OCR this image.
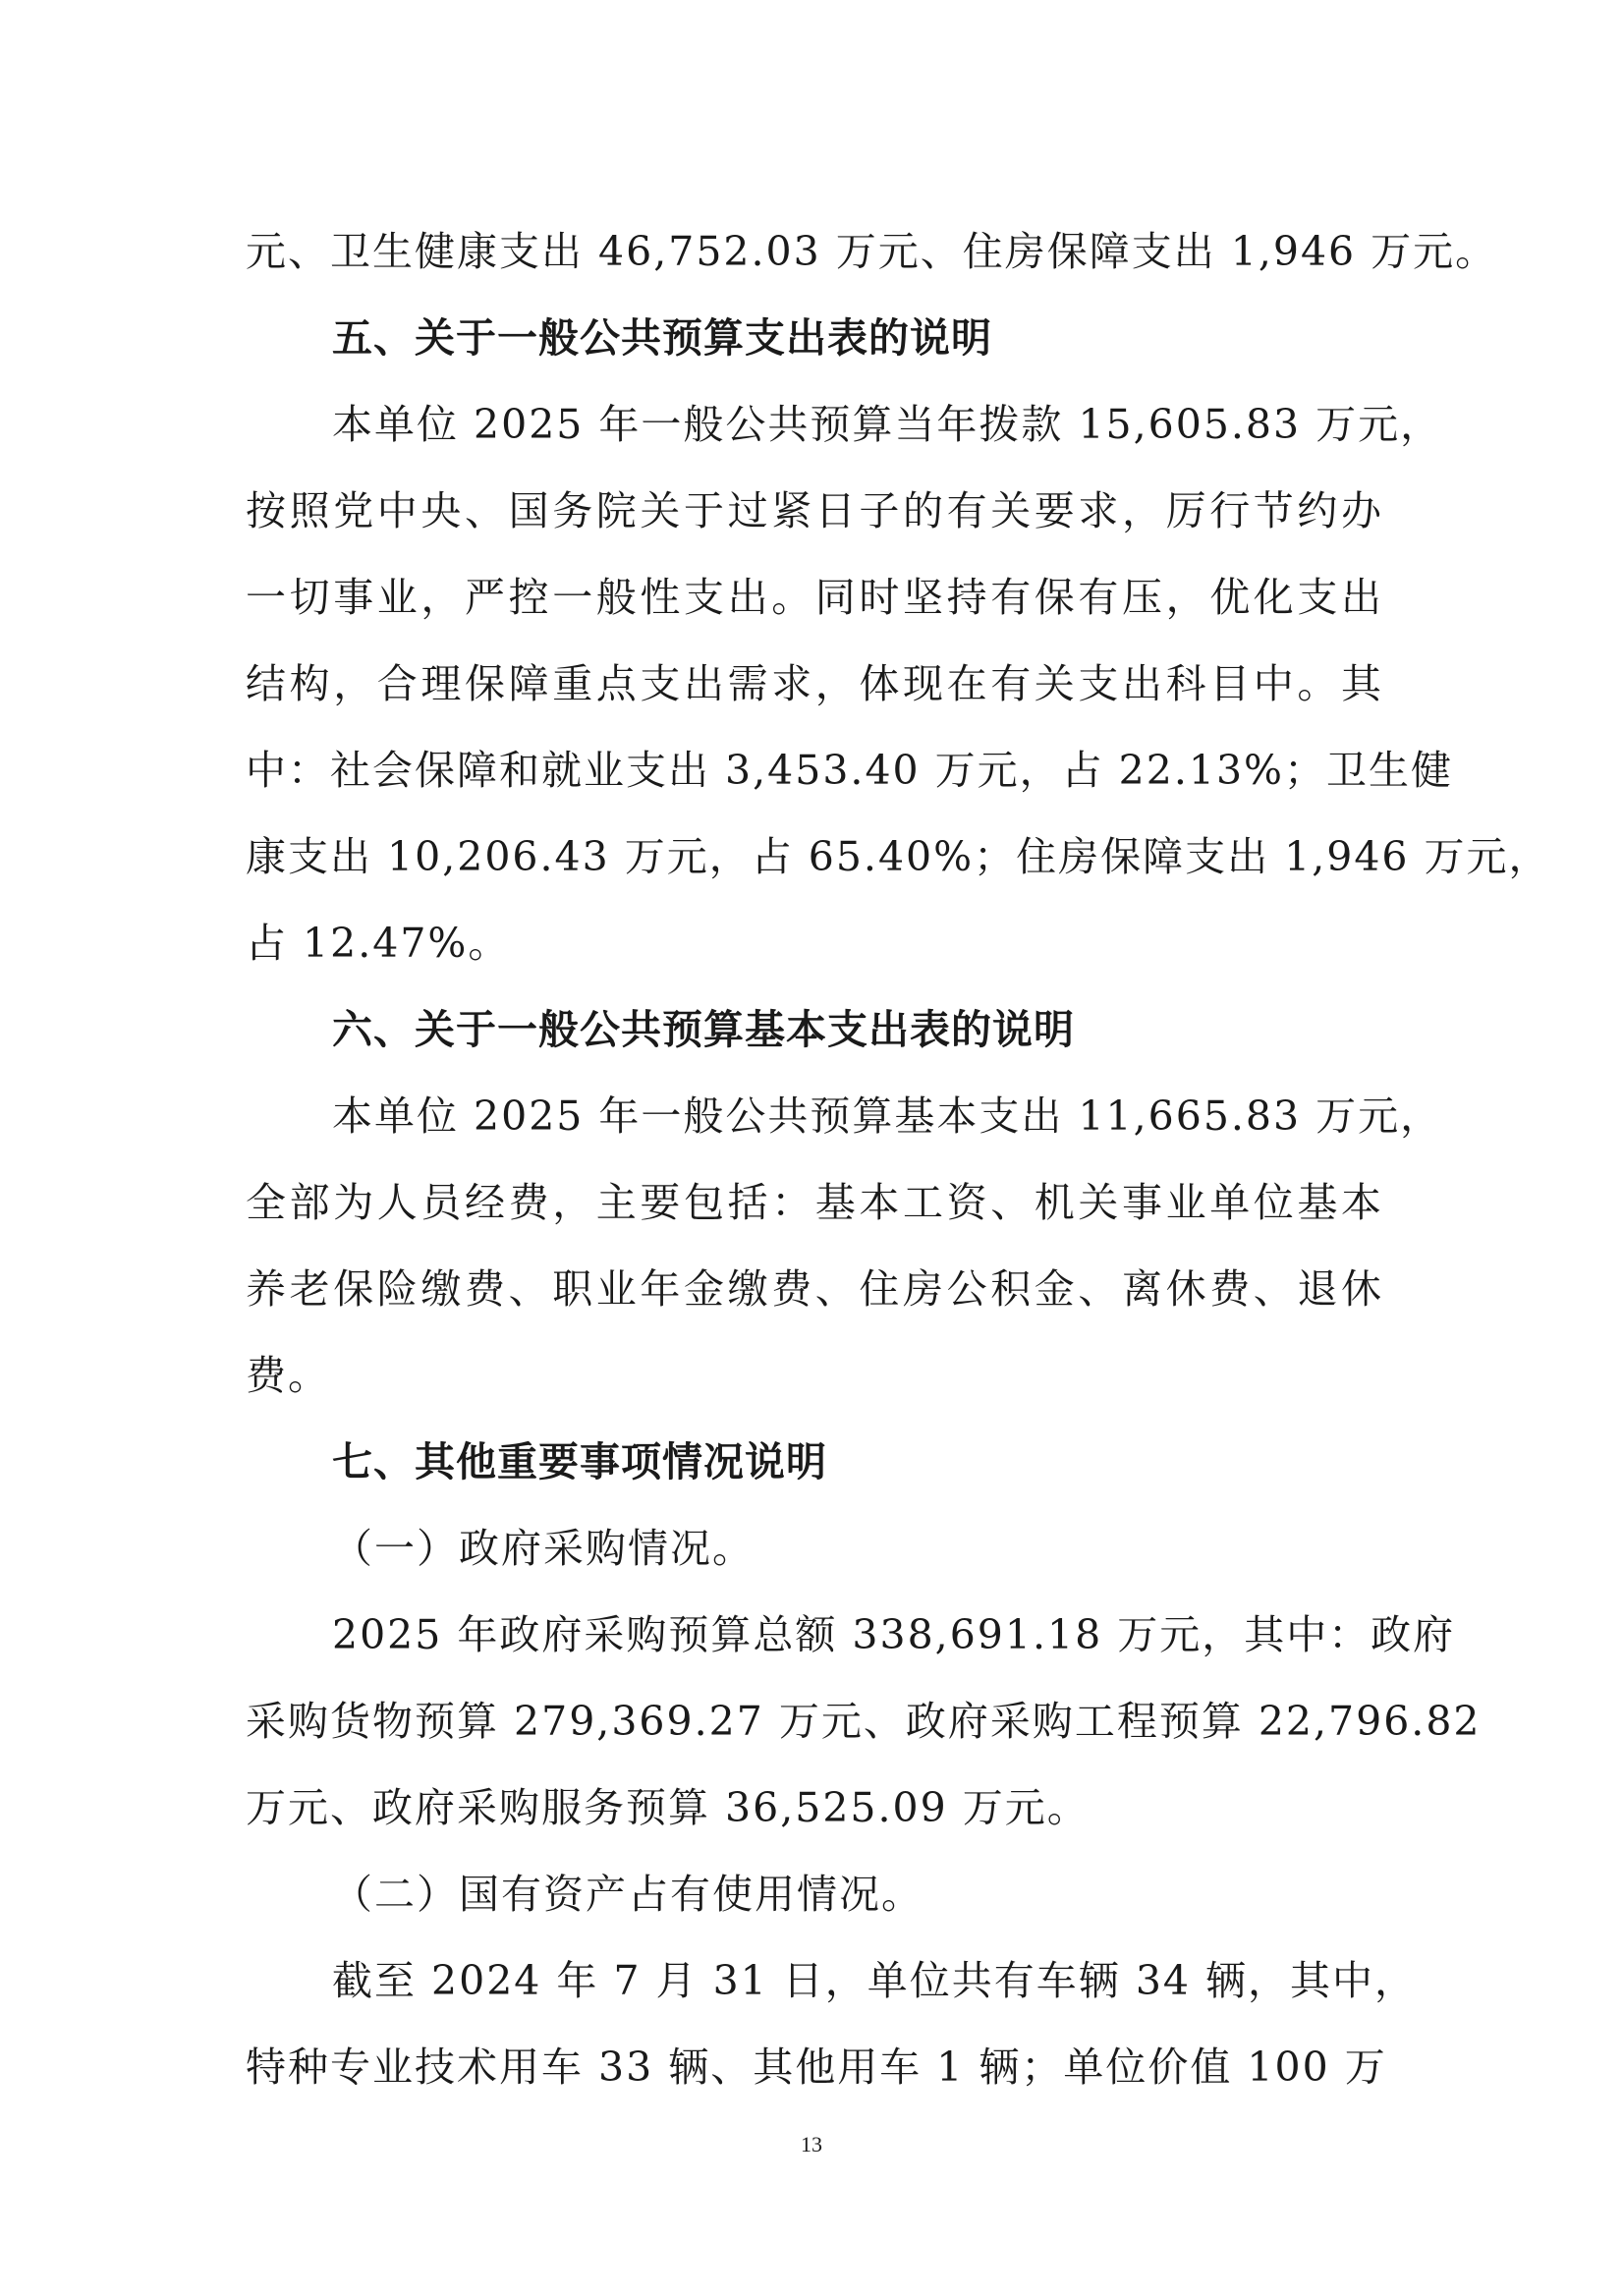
元、卫生健康支出 46,752.03 万元、住房保障支出 1,946 万元。
五、关于一般公共预算支出表的说明
本单位 2025 年一般公共预算当年拨款 15,605.83 万元，
按照党中央、国务院关于过紧日子的有关要求，厉行节约办
一切事业，严控一般性支出。同时坚持有保有压，优化支出
结构，合理保障重点支出需求，体现在有关支出科目中。其
中：社会保障和就业支出 3,453.40 万元，占 22.13%；卫生健
康支出 10,206.43 万元，占 65.40%；住房保障支出 1,946 万元，
占 12.47%。
六、关于一般公共预算基本支出表的说明
本单位 2025 年一般公共预算基本支出 11,665.83 万元，
全部为人员经费，主要包括：基本工资、机关事业单位基本
养老保险缴费、职业年金缴费、住房公积金、离休费、退休
费。
七、其他重要事项情况说明
（一）政府采购情况。
2025 年政府采购预算总额 338,691.18 万元，其中：政府
采购货物预算 279,369.27 万元、政府采购工程预算 22,796.82
万元、政府采购服务预算 36,525.09 万元。
（二）国有资产占有使用情况。
截至 2024 年 7 月 31 日，单位共有车辆 34 辆，其中，
特种专业技术用车 33 辆、其他用车 1 辆；单位价值 100 万
13
